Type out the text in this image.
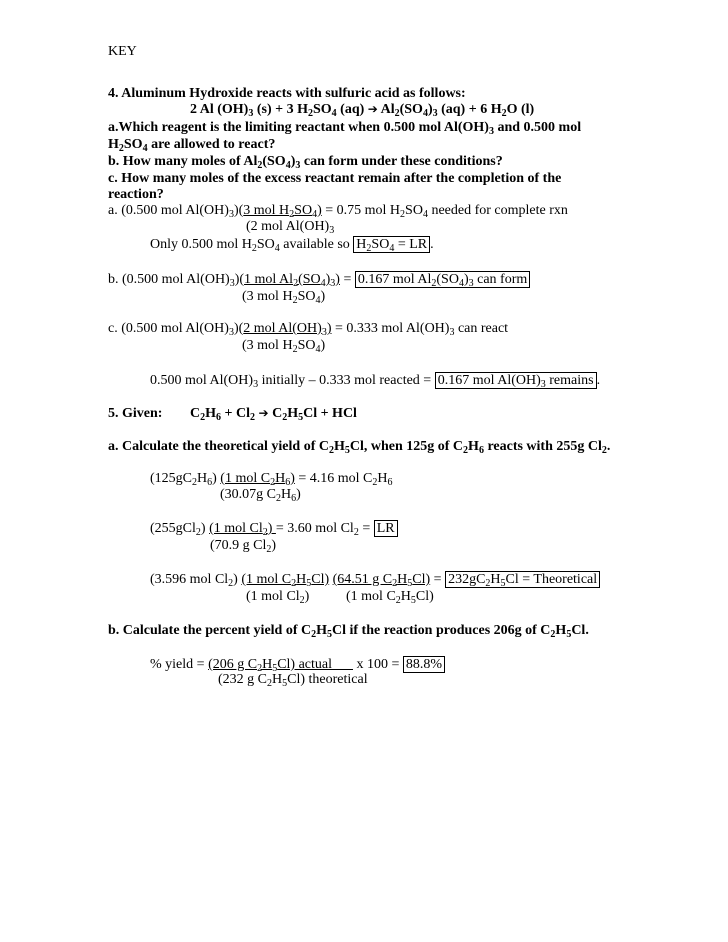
KEY
4. Aluminum Hydroxide reacts with sulfuric acid as follows:
2 Al $(OH)_3$ (s) + 3 $H_2SO_4$ (aq) ➔ $Al_2(SO_4)_3$ (aq) + 6 $H_2O$ (l)
a.Which reagent is the limiting reactant when 0.500 mol $Al(OH)_3$ and 0.500 mol
$H_2SO_4$ are allowed to react?
b. How many moles of $Al_2(SO_4)_3$ can form under these conditions?
c. How many moles of the excess reactant remain after the completion of the
reaction?
a. (0.500 mol $Al(OH)_3)(3$ mol $H_2SO_4) = 0.75$ mol $H_2SO_4$ needed for complete rxn
(2 mol $Al(OH)_3$
Only 0.500 mol $H_2SO_4$ available so $H_2SO_4$ = LR .
b. (0.500 mol $Al(OH)_3)(1$ mol $Al_2(SO_4)_3) = 0.167$ mol $Al_2(SO_4)_3$ can form
(3 mol $H_2SO_4$)
c. (0.500 mol $Al(OH)_3)(2$ mol $Al(OH)_3) = 0.333$ mol $Al(OH)_3$ can react
(3 mol $H_2SO_4$)
0.500 mol $Al(OH)_3$ initially – 0.333 mol reacted = 0.167 mol $Al(OH)_3$ remains .
5. Given: $C_2H_6 + Cl_2$ ➔ $C_2H_5Cl$ + HCl
a. Calculate the theoretical yield of $C_2H_5Cl$, when 125g of $C_2H_6$ reacts with 255g $Cl_2$.
$(125gC_2H_6)$ (1 mol $C_2H_6) = 4.16$ mol $C_2H_6$
(30.07g $C_2H_6$)
(255gCl$_2$) (1 mol $Cl_2) = 3.60$ mol $Cl_2$ = LR
(70.9 g $Cl_2$)
(3.596 mol $Cl_2$) (1 mol $C_2H_5Cl$) (64.51 g $C_2H_5Cl) = 232gC_2H_5Cl$ = Theoretical
(1 mol $Cl_2$)	(1 mol $C_2H_5Cl$)
b. Calculate the percent yield of $C_2H_5Cl$ if the reaction produces 206g of $C_2H_5Cl$.
% yield = (206 g $C_2H_5Cl$) actual       x 100 = 88.8%
(232 g $C_2H_5Cl$) theoretical
